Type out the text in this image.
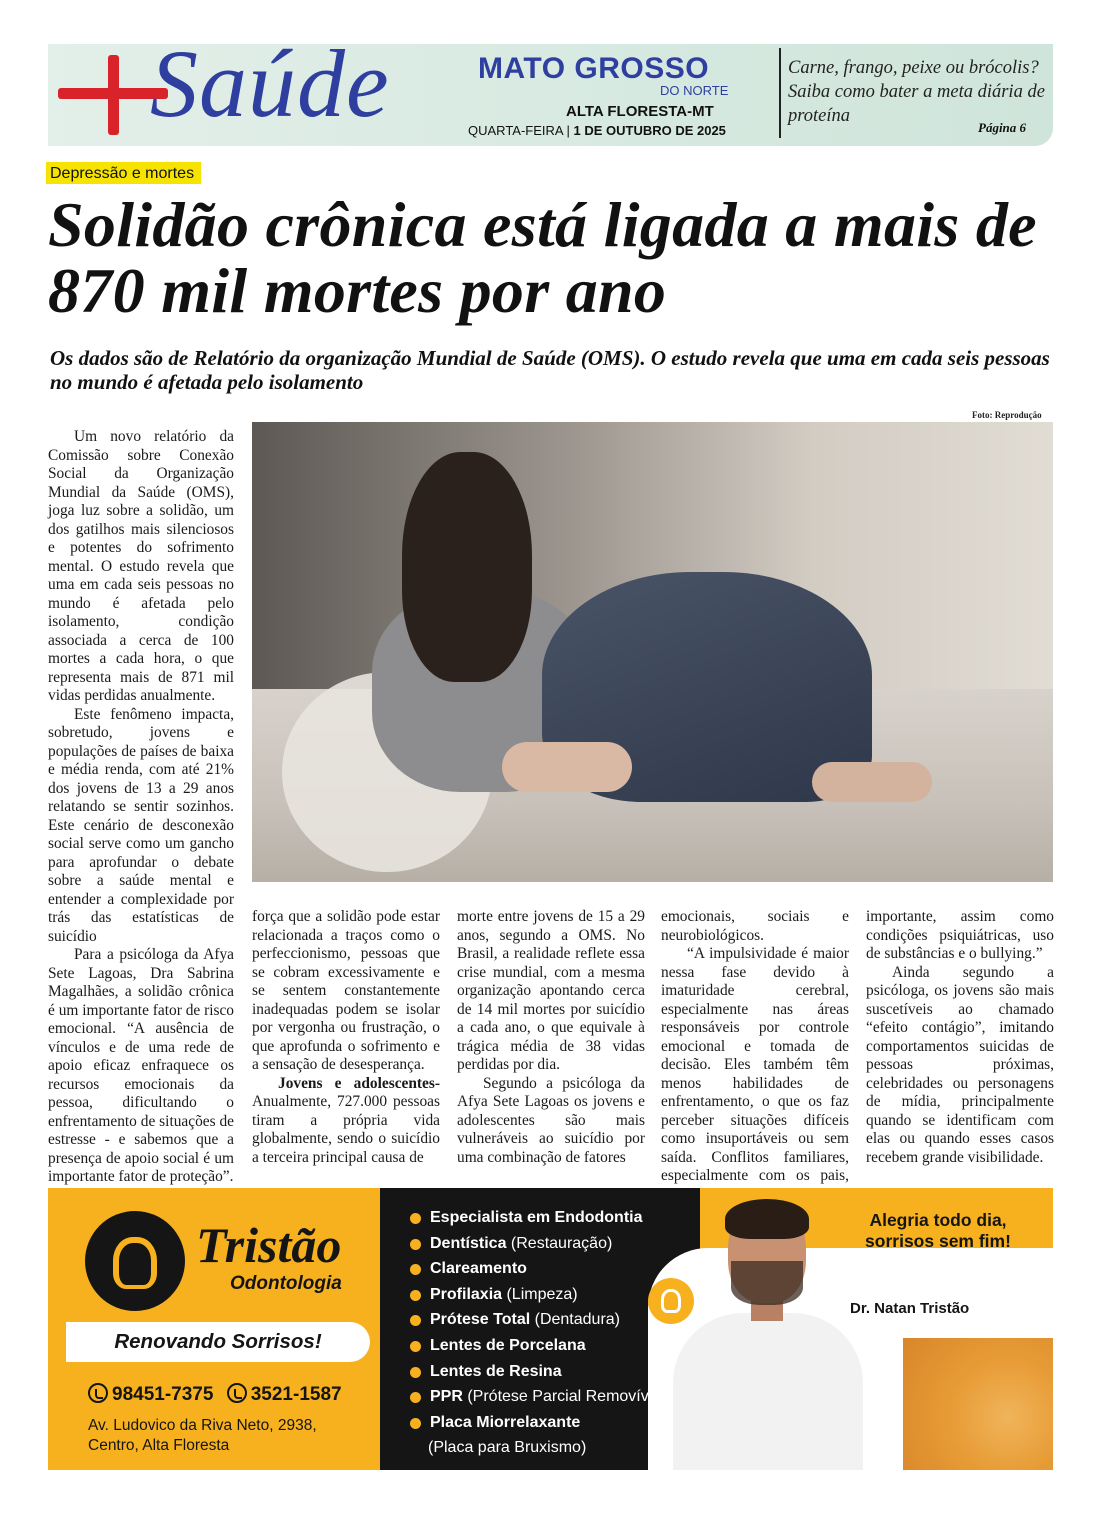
Saúde	MATO GROSSO
DO NORTE
ALTA FLORESTA-MT
QUARTA-FEIRA | 1 DE OUTUBRO DE 2025
Carne, frango, peixe ou brócolis? Saiba como bater a meta diária de proteína
Página 6
Depressão e mortes
Solidão crônica está ligada a mais de 870 mil mortes por ano
Os dados são de Relatório da organização Mundial de Saúde (OMS). O estudo revela que uma em cada seis pessoas no mundo é afetada pelo isolamento
Foto: Reprodução

Um novo relatório da Comissão sobre Conexão Social da Organização Mundial da Saúde (OMS), joga luz sobre a solidão, um dos gatilhos mais silenciosos e potentes do sofrimento mental. O estudo revela que uma em cada seis pessoas no mundo é afetada pelo isolamento, condição associada a cerca de 100 mortes a cada hora, o que representa mais de 871 mil vidas perdidas anualmente.

Este fenômeno impacta, sobretudo, jovens e populações de países de baixa e média renda, com até 21% dos jovens de 13 a 29 anos relatando se sentir sozinhos. Este cenário de desconexão social serve como um gancho para aprofundar o debate sobre a saúde mental e entender a complexidade por trás das estatísticas de suicídio

Para a psicóloga da Afya Sete Lagoas, Dra Sabrina Magalhães, a solidão crônica é um importante fator de risco emocional. “A ausência de vínculos e de uma rede de apoio eficaz enfraquece os recursos emocionais da pessoa, dificultando o enfrentamento de situações de estresse - e sabemos que a presença de apoio social é um importante fator de proteção”.

força que a solidão pode estar relacionada a traços como o perfeccionismo, pessoas que se cobram excessivamente e se sentem constantemente inadequadas podem se isolar por vergonha ou frustração, o que aprofunda o sofrimento e a sensação de desesperança.

Jovens e adolescentes- Anualmente, 727.000 pessoas tiram a própria vida globalmente, sendo o suicídio a terceira principal causa de

morte entre jovens de 15 a 29 anos, segundo a OMS. No Brasil, a realidade reflete essa crise mundial, com a mesma organização apontando cerca de 14 mil mortes por suicídio a cada ano, o que equivale à trágica média de 38 vidas perdidas por dia.

Segundo a psicóloga da Afya Sete Lagoas os jovens e adolescentes são mais vulneráveis ao suicídio por uma combinação de fatores

emocionais, sociais e neurobiológicos.

“A impulsividade é maior nessa fase devido à imaturidade cerebral, especialmente nas áreas responsáveis por controle emocional e tomada de decisão. Eles também têm menos habilidades de enfrentamento, o que os faz perceber situações difíceis como insuportáveis ou sem saída. Conflitos familiares, especialmente com os pais,

importante, assim como condições psiquiátricas, uso de substâncias e o bullying.”

Ainda segundo a psicóloga, os jovens são mais suscetíveis ao chamado “efeito contágio”, imitando comportamentos suicidas de pessoas próximas, celebridades ou personagens de mídia, principalmente quando se identificam com elas ou quando esses casos recebem grande visibilidade.

Tristão
Odontologia
Renovando Sorrisos!
98451-7375 3521-1587
Av. Ludovico da Riva Neto, 2938,
Centro, Alta Floresta
Especialista em Endodontia
Dentística (Restauração)
Clareamento
Profilaxia (Limpeza)
Prótese Total (Dentadura)
Lentes de Porcelana
Lentes de Resina
PPR (Prótese Parcial Removível)
Placa Miorrelaxante
(Placa para Bruxismo)
Alegria todo dia, sorrisos sem fim!
Dr. Natan Tristão
